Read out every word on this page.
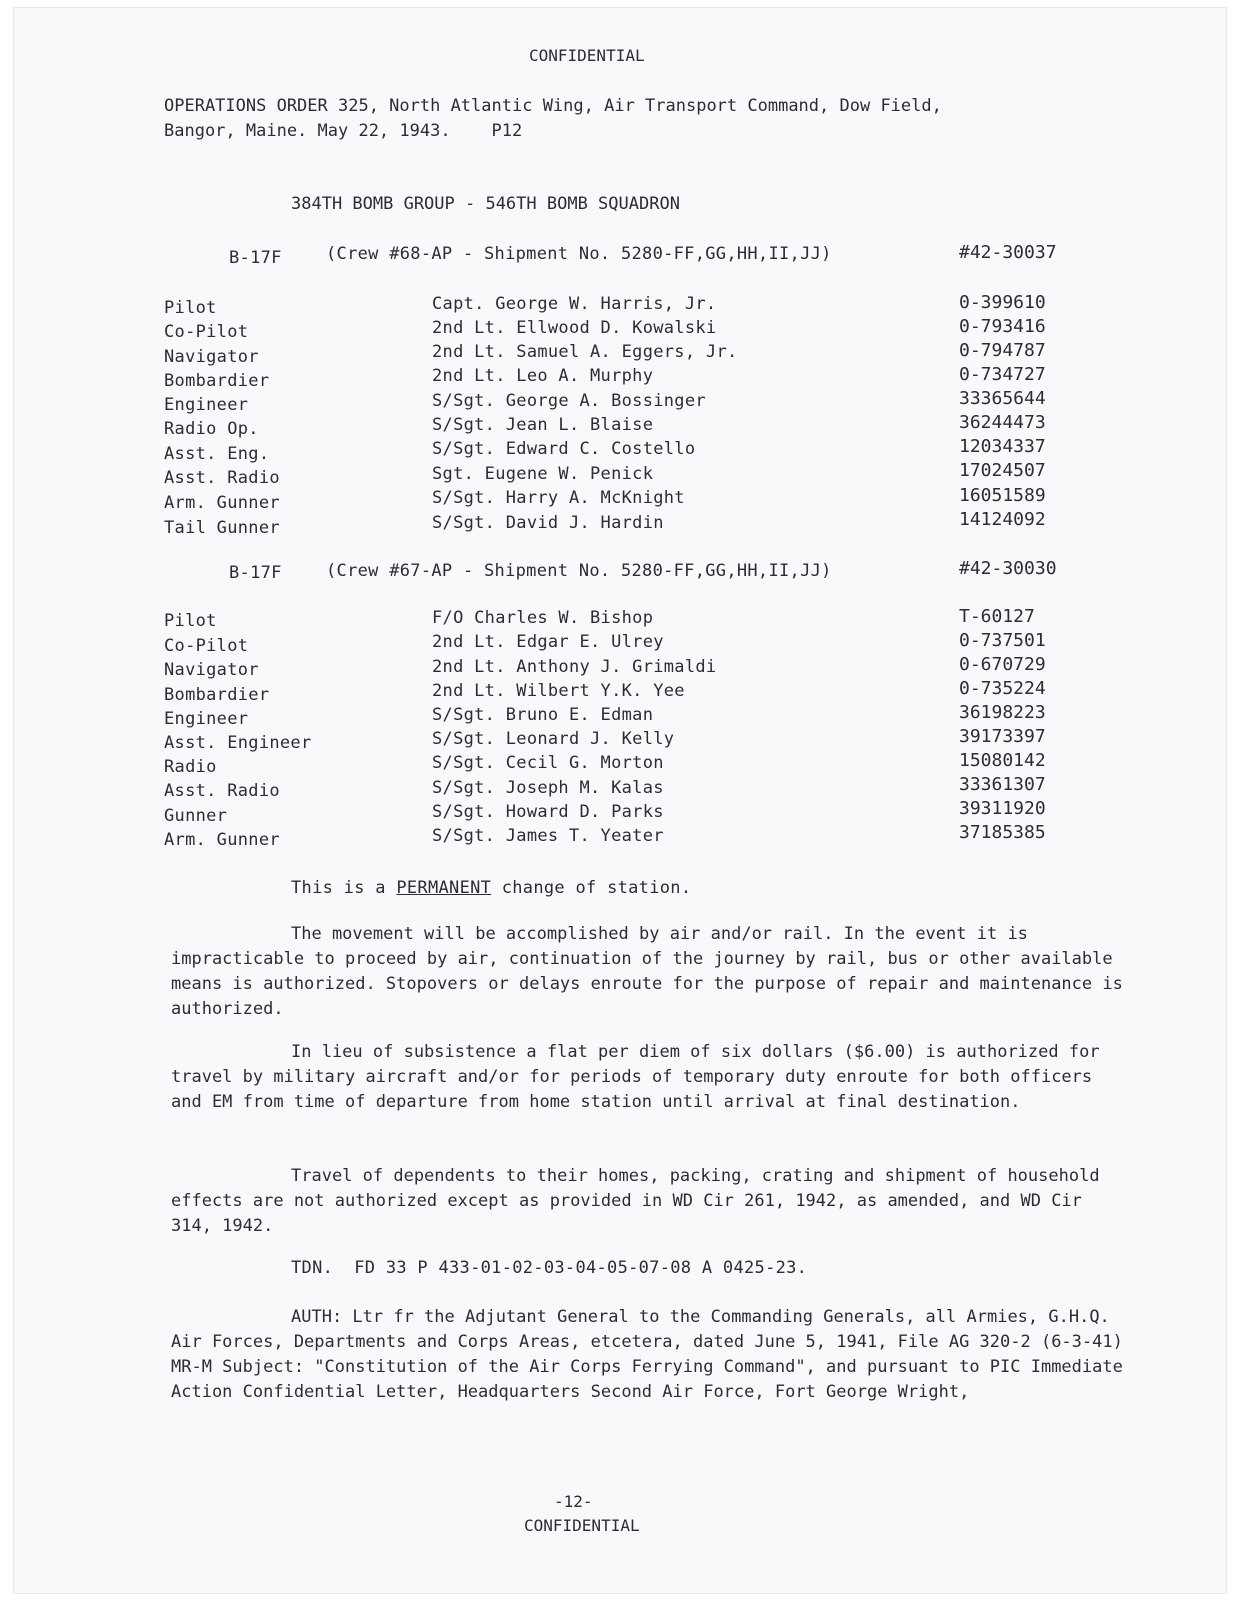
CONFIDENTIAL
OPERATIONS ORDER 325, North Atlantic Wing, Air Transport Command, Dow Field,
Bangor, Maine. May 22, 1943.    P12
384TH BOMB GROUP - 546TH BOMB SQUADRON
B-17F	(Crew #68-AP - Shipment No. 5280-FF,GG,HH,II,JJ)	#42-30037
Pilot	Capt. George W. Harris, Jr.	0-399610
Co-Pilot	2nd Lt. Ellwood D. Kowalski	0-793416
Navigator	2nd Lt. Samuel A. Eggers, Jr.	0-794787
Bombardier	2nd Lt. Leo A. Murphy	0-734727
Engineer	S/Sgt. George A. Bossinger	33365644
Radio Op.	S/Sgt. Jean L. Blaise	36244473
Asst. Eng.	S/Sgt. Edward C. Costello	12034337
Asst. Radio	Sgt. Eugene W. Penick	17024507
Arm. Gunner	S/Sgt. Harry A. McKnight	16051589
Tail Gunner	S/Sgt. David J. Hardin	14124092
B-17F	(Crew #67-AP - Shipment No. 5280-FF,GG,HH,II,JJ)	#42-30030
Pilot	F/O Charles W. Bishop	T-60127
Co-Pilot	2nd Lt. Edgar E. Ulrey	0-737501
Navigator	2nd Lt. Anthony J. Grimaldi	0-670729
Bombardier	2nd Lt. Wilbert Y.K. Yee	0-735224
Engineer	S/Sgt. Bruno E. Edman	36198223
Asst. Engineer	S/Sgt. Leonard J. Kelly	39173397
Radio	S/Sgt. Cecil G. Morton	15080142
Asst. Radio	S/Sgt. Joseph M. Kalas	33361307
Gunner	S/Sgt. Howard D. Parks	39311920
Arm. Gunner	S/Sgt. James T. Yeater	37185385
This is a PERMANENT change of station.
The movement will be accomplished by air and/or rail. In the event it is impracticable to proceed by air, continuation of the journey by rail, bus or other available means is authorized. Stopovers or delays enroute for the purpose of repair and maintenance is authorized.
In lieu of subsistence a flat per diem of six dollars ($6.00) is authorized for travel by military aircraft and/or for periods of temporary duty enroute for both officers and EM from time of departure from home station until arrival at final destination.
Travel of dependents to their homes, packing, crating and shipment of household effects are not authorized except as provided in WD Cir 261, 1942, as amended, and WD Cir 314, 1942.
TDN.  FD 33 P 433-01-02-03-04-05-07-08 A 0425-23.
AUTH: Ltr fr the Adjutant General to the Commanding Generals, all Armies, G.H.Q. Air Forces, Departments and Corps Areas, etcetera, dated June 5, 1941, File AG 320-2 (6-3-41) MR-M Subject: "Constitution of the Air Corps Ferrying Command", and pursuant to PIC Immediate Action Confidential Letter, Headquarters Second Air Force, Fort George Wright,
-12-
CONFIDENTIAL
